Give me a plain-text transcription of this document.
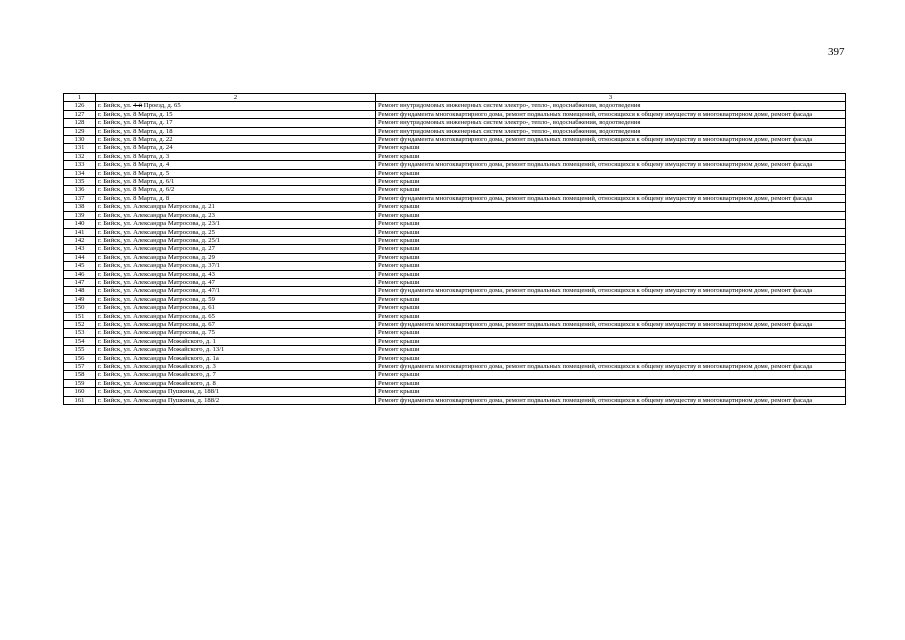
397
1	2	3
126	г. Бийск, ул. 4-й Проезд, д. 65	Ремонт внутридомовых инженерных систем электро-, тепло-, водоснабжения, водоотведения
127	г. Бийск, ул. 8 Марта, д. 15	Ремонт фундамента многоквартирного дома, ремонт подвальных помещений, относящихся к общему имуществу в многоквартирном доме, ремонт фасада
128	г. Бийск, ул. 8 Марта, д. 17	Ремонт внутридомовых инженерных систем электро-, тепло-, водоснабжения, водоотведения
129	г. Бийск, ул. 8 Марта, д. 18	Ремонт внутридомовых инженерных систем электро-, тепло-, водоснабжения, водоотведения
130	г. Бийск, ул. 8 Марта, д. 22	Ремонт фундамента многоквартирного дома, ремонт подвальных помещений, относящихся к общему имуществу в многоквартирном доме, ремонт фасада
131	г. Бийск, ул. 8 Марта, д. 24	Ремонт крыши
132	г. Бийск, ул. 8 Марта, д. 3	Ремонт крыши
133	г. Бийск, ул. 8 Марта, д. 4	Ремонт фундамента многоквартирного дома, ремонт подвальных помещений, относящихся к общему имуществу в многоквартирном доме, ремонт фасада
134	г. Бийск, ул. 8 Марта, д. 5	Ремонт крыши
135	г. Бийск, ул. 8 Марта, д. 6/1	Ремонт крыши
136	г. Бийск, ул. 8 Марта, д. 6/2	Ремонт крыши
137	г. Бийск, ул. 8 Марта, д. 8	Ремонт фундамента многоквартирного дома, ремонт подвальных помещений, относящихся к общему имуществу в многоквартирном доме, ремонт фасада
138	г. Бийск, ул. Александра Матросова, д. 21	Ремонт крыши
139	г. Бийск, ул. Александра Матросова, д. 23	Ремонт крыши
140	г. Бийск, ул. Александра Матросова, д. 23/1	Ремонт крыши
141	г. Бийск, ул. Александра Матросова, д. 25	Ремонт крыши
142	г. Бийск, ул. Александра Матросова, д. 25/1	Ремонт крыши
143	г. Бийск, ул. Александра Матросова, д. 27	Ремонт крыши
144	г. Бийск, ул. Александра Матросова, д. 29	Ремонт крыши
145	г. Бийск, ул. Александра Матросова, д. 37/1	Ремонт крыши
146	г. Бийск, ул. Александра Матросова, д. 43	Ремонт крыши
147	г. Бийск, ул. Александра Матросова, д. 47	Ремонт крыши
148	г. Бийск, ул. Александра Матросова, д. 47/1	Ремонт фундамента многоквартирного дома, ремонт подвальных помещений, относящихся к общему имуществу в многоквартирном доме, ремонт фасада
149	г. Бийск, ул. Александра Матросова, д. 59	Ремонт крыши
150	г. Бийск, ул. Александра Матросова, д. 61	Ремонт крыши
151	г. Бийск, ул. Александра Матросова, д. 65	Ремонт крыши
152	г. Бийск, ул. Александра Матросова, д. 67	Ремонт фундамента многоквартирного дома, ремонт подвальных помещений, относящихся к общему имуществу в многоквартирном доме, ремонт фасада
153	г. Бийск, ул. Александра Матросова, д. 75	Ремонт крыши
154	г. Бийск, ул. Александра Можайского, д. 1	Ремонт крыши
155	г. Бийск, ул. Александра Можайского, д. 13/1	Ремонт крыши
156	г. Бийск, ул. Александра Можайского, д. 1а	Ремонт крыши
157	г. Бийск, ул. Александра Можайского, д. 3	Ремонт фундамента многоквартирного дома, ремонт подвальных помещений, относящихся к общему имуществу в многоквартирном доме, ремонт фасада
158	г. Бийск, ул. Александра Можайского, д. 7	Ремонт крыши
159	г. Бийск, ул. Александра Можайского, д. 8	Ремонт крыши
160	г. Бийск, ул. Александра Пушкина, д. 188/1	Ремонт крыши
161	г. Бийск, ул. Александра Пушкина, д. 188/2	Ремонт фундамента многоквартирного дома, ремонт подвальных помещений, относящихся к общему имуществу в многоквартирном доме, ремонт фасада
